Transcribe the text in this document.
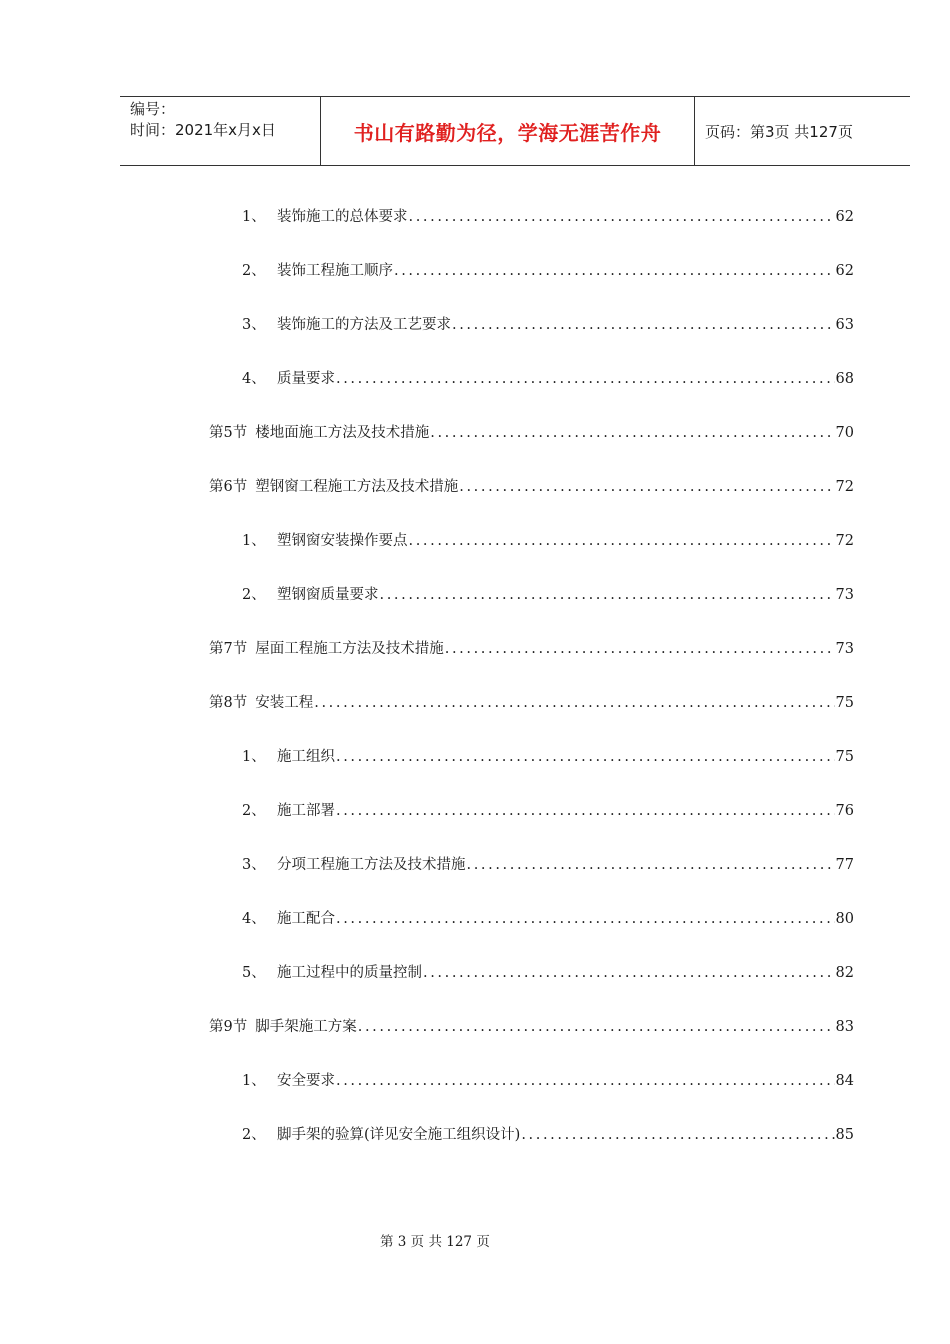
编号：
时间：2021年x月x日	书山有路勤为径，学海无涯苦作舟	页码：第3页 共127页
1、 装饰施工的总体要求 .....	62
2、 装饰工程施工顺序 .....	62
3、 装饰施工的方法及工艺要求 .....	63
4、 质量要求 .....	68
第5节 楼地面施工方法及技术措施 .....	70
第6节 塑钢窗工程施工方法及技术措施 .....	72
1、 塑钢窗安装操作要点 .....	72
2、 塑钢窗质量要求 .....	73
第7节 屋面工程施工方法及技术措施 .....	73
第8节 安装工程 .....	75
1、 施工组织 .....	75
2、 施工部署 .....	76
3、 分项工程施工方法及技术措施 .....	77
4、 施工配合 .....	80
5、 施工过程中的质量控制 .....	82
第9节 脚手架施工方案 .....	83
1、 安全要求 .....	84
2、 脚手架的验算(详见安全施工组织设计) .....	85
第 3 页 共 127 页
